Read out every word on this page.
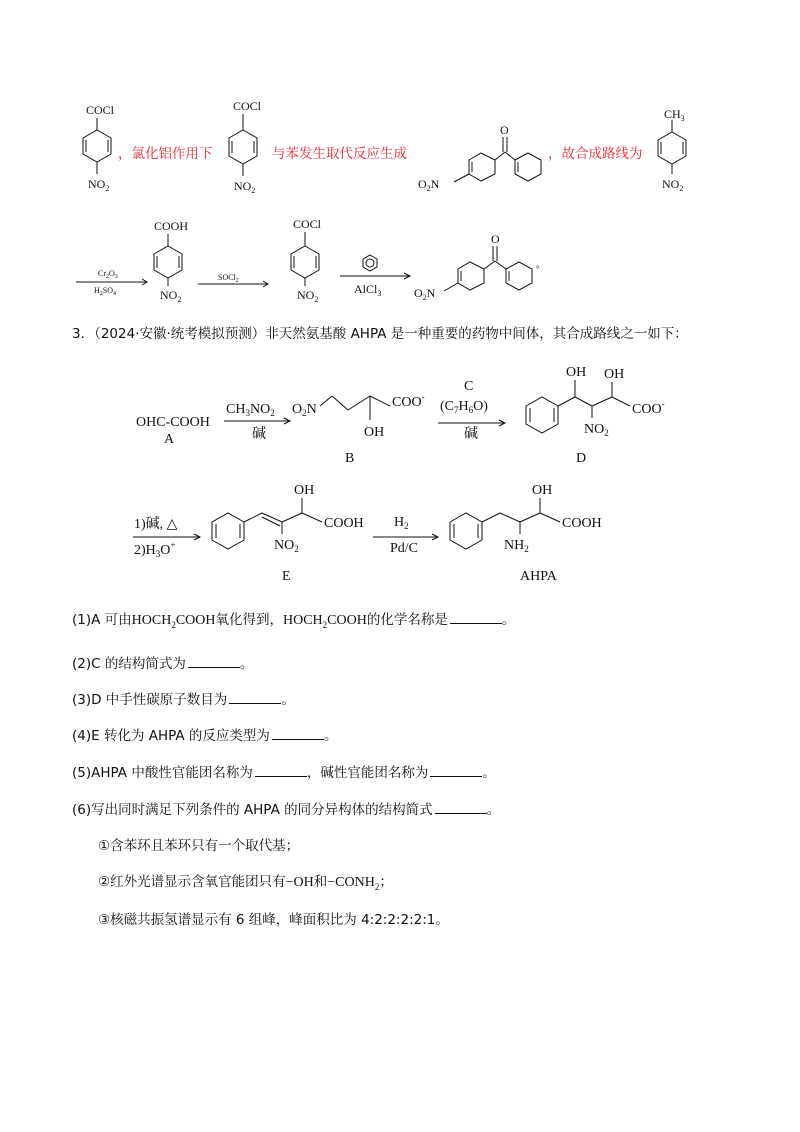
COCl
$NO_2$
COCl
$NO_2$
O
$O_2N$
$CH_3$
$NO_2$
COOH
$NO_2$
COCl
$NO_2$
O
$O_2N$
°
$Cr_2O_3$
$H_2SO_4$
SOCl$_2$
AlCl$_3$
OHC-COOH
A
$CH_3NO_2$
碱
$O_2N$	COO-
OH
B
C
$(C_7H_6O)$
碱
OH OH
COO-
$NO_2$
D
1)碱, △
$2)H_3O^+$
OH
COOH
$NO_2$
E
$H_2$
Pd/C
OH
COOH
$NH_2$
AHPA
，氯化铝作用下	与苯发生取代反应生成	，故合成路线为
3．（2024·安徽·统考模拟预测）非天然氨基酸 AHPA 是一种重要的药物中间体，其合成路线之一如下：
(1)A 可由$HOCH_2COOH$氧化得到，$HOCH_2COOH$的化学名称是	。
(2)C 的结构简式为	。
(3)D 中手性碳原子数目为	。
(4)E 转化为 AHPA 的反应类型为	。
(5)AHPA 中酸性官能团名称为	，碱性官能团名称为	。
(6)写出同时满足下列条件的 AHPA 的同分异构体的结构简式	。
①含苯环且苯环只有一个取代基；
②红外光谱显示含氧官能团只有−OH和$-CONH_2$；
③核磁共振氢谱显示有 6 组峰，峰面积比为 4:2:2:2:2:1。
